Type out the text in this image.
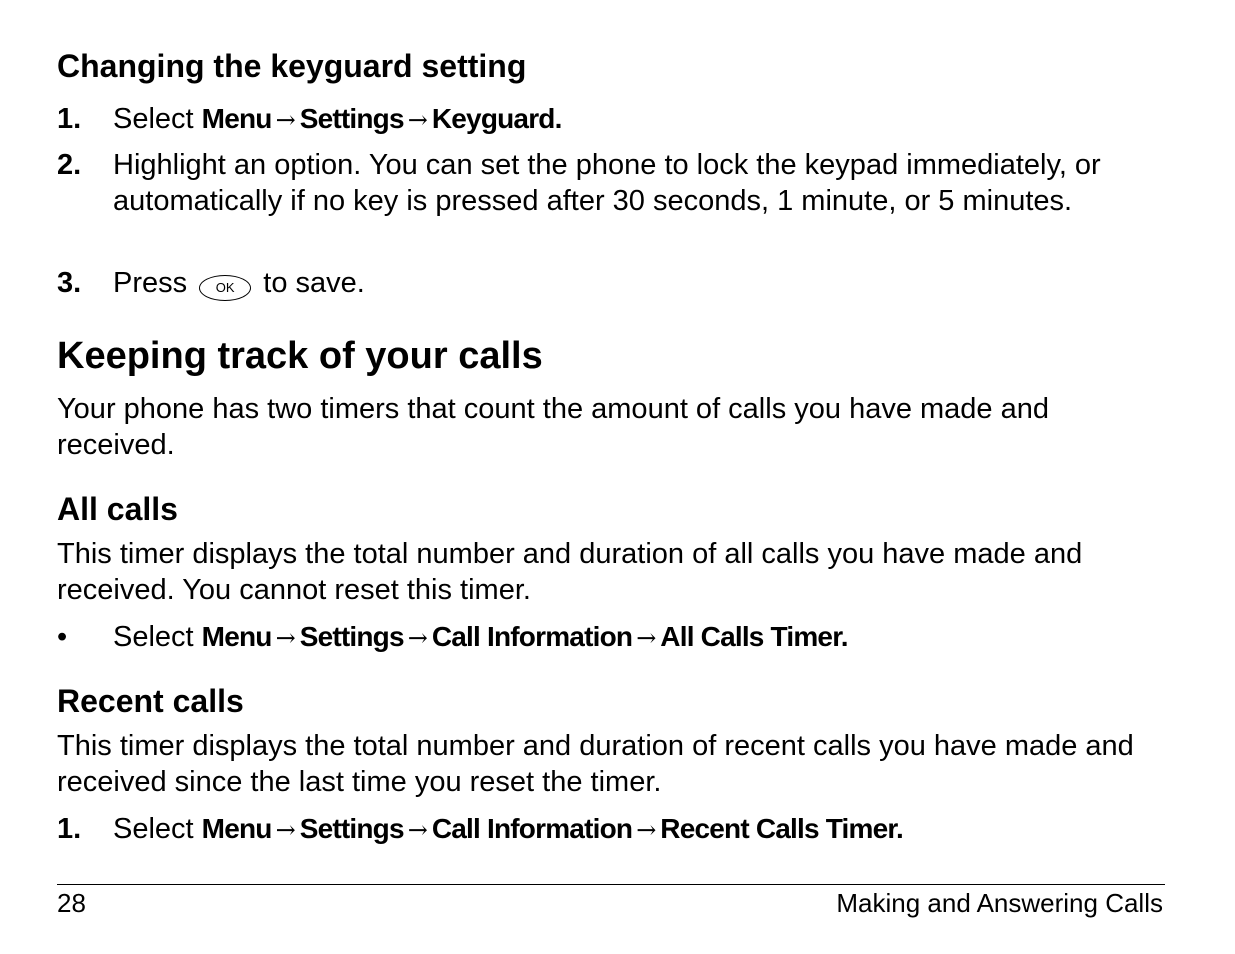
Changing the keyguard setting
1.	Select Menu → Settings → Keyguard.
2.	Highlight an option. You can set the phone to lock the keypad immediately, or automatically if no key is pressed after 30 seconds, 1 minute, or 5 minutes.
3.	Press OK to save.
Keeping track of your calls

Your phone has two timers that count the amount of calls you have made and received.

All calls

This timer displays the total number and duration of all calls you have made and received. You cannot reset this timer.

•	Select Menu → Settings → Call Information → All Calls Timer.
Recent calls

This timer displays the total number and duration of recent calls you have made and received since the last time you reset the timer.

1.	Select Menu → Settings → Call Information → Recent Calls Timer.
28	Making and Answering Calls
